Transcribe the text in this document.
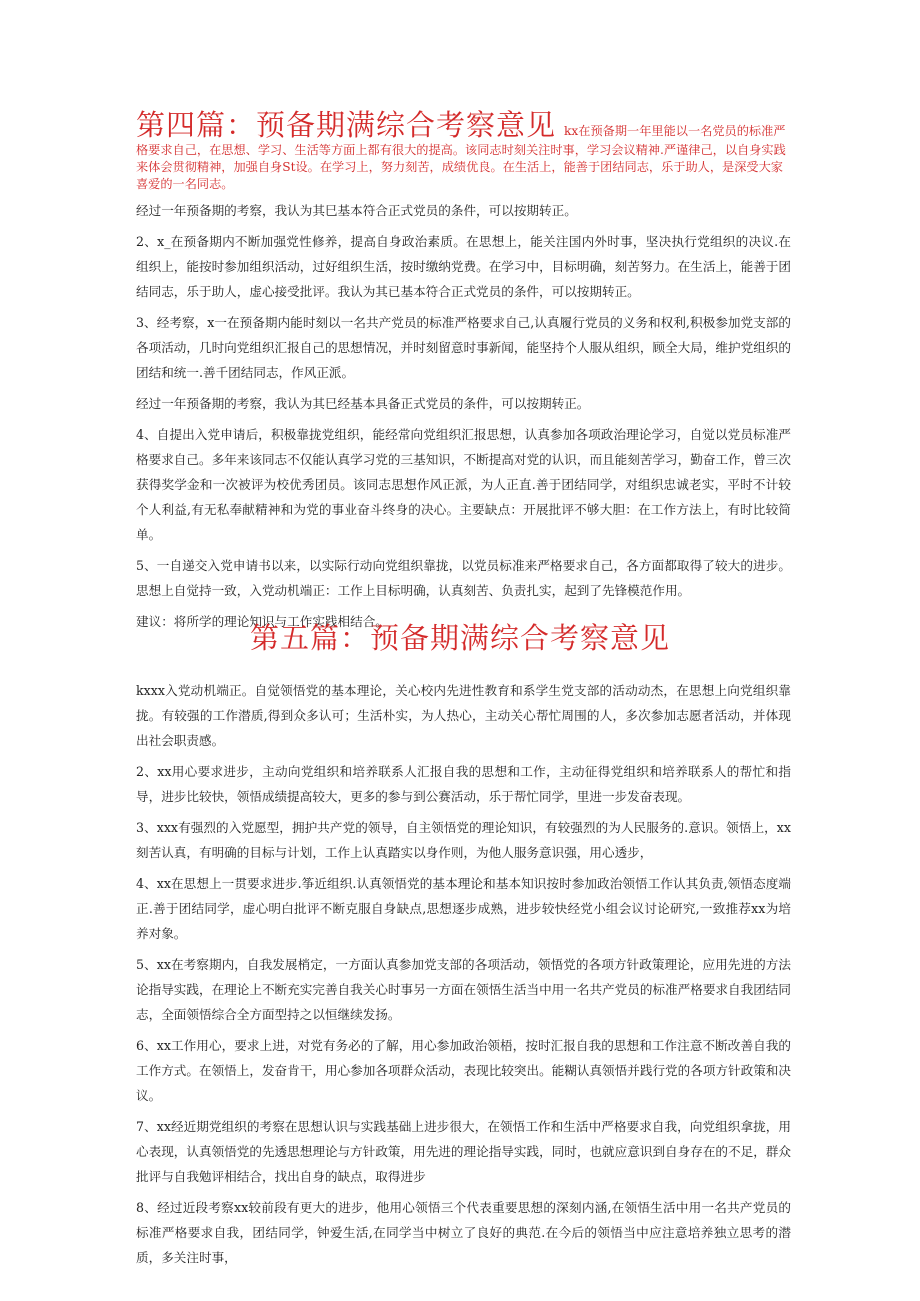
第四篇：预备期满综合考察意见 kx在预备期一年里能以一名党员的标准严格要求自己，在思想、学习、生活等方面上都有很大的提高。该同志时刻关注时事，学习会议精神.严谨律己，以自身实践来体会贯彻精神，加强自身St设。在学习上，努力刻苦，成绩优良。在生活上，能善于团结同志，乐于助人，是深受大家喜爱的一名同志。

经过一年预备期的考察，我认为其巳基本符合正式党员的条件，可以按期转正。

2、x_在预备期内不断加强党性修养，提高自身政治素质。在思想上，能关注国内外时事，坚决执行党组织的决议.在组织上，能按时参加组织活动，过好组织生活，按时缴纳党费。在学习中，目标明确，刻苦努力。在生活上，能善于团结同志，乐于助人，虚心接受批评。我认为其已基本符合正式党员的条件，可以按期转正。

3、经考察，x一在预备期内能时刻以一名共产党员的标准严格要求自己,认真履行党员的义务和权利,积极参加党支部的各项活动，几时向党组织汇报自己的思想情况，并时刻留意时事新闻，能坚持个人服从组织，顾全大局，维护党组织的团结和统一.善千团结同志，作风正派。

经过一年预备期的考察，我认为其巳经基本具备正式党员的条件，可以按期转正。

4、自提出入党申请后，积极靠拢党组织，能经常向党组织汇报思想，认真参加各项政治理论学习，自觉以党员标准严格要求自己。多年来该同志不仅能认真学习党的三基知识，不断提高对党的认识，而且能刻苦学习，勤奋工作，曾三次获得奖学金和一次被评为校优秀团员。该同志思想作风正派，为人正直.善于团结同学，对组织忠诚老实，平时不计较个人利益,有无私奉献精神和为党的事业奋斗终身的决心。主要缺点：开展批评不够大胆：在工作方法上，有时比较简单。

5、一自递交入党申请书以来，以实际行动向党组织靠拢，以党员标准来严格要求自己，各方面都取得了较大的进步。思想上自觉持一致，入党动机端正：工作上目标明确，认真刻苦、负责扎实，起到了先锋模范作用。

建议：将所学的理论知识与工作实践相结合。

第五篇：预备期满综合考察意见

kxxx入党动机端正。自觉领悟党的基本理论，关心校内先进性教育和系学生党支部的活动动杰，在思想上向党组织靠拢。有较强的工作潜质,得到众多认可；生活朴实，为人热心，主动关心帮忙周围的人，多次参加志愿者活动，并体现出社会职责感。

2、xx用心要求进步，主动向党组织和培养联系人汇报自我的思想和工作，主动征得党组织和培养联系人的帮忙和指导，进步比较快，领悟成绩提高较大，更多的参与到公赛活动，乐于帮忙同学，里进一步发奋表现。

3、xxx有强烈的入党愿型，拥护共产党的领导，自主领悟党的理论知识，有较强烈的为人民服务的.意识。领悟上，xx刻苦认真，有明确的目标与计划，工作上认真踏实以身作则，为他人服务意识强，用心透步，

4、xx在思想上一贯要求进步.筝近组织.认真领悟党的基本理论和基本知识按时参加政治领悟工作认其负责,领悟态度端正.善于团结同学，虚心明白批评不断克服自身缺点,思想逐步成熟，进步较快经党小组会议讨论研究,一致推荐xx为培养对象。

5、xx在考察期内，自我发展梢定，一方面认真参加党支部的各项活动，领悟党的各项方针政策理论，应用先进的方法论指导实践，在理论上不断充实完善自我关心时事另一方面在领悟生活当中用一名共产党员的标准严格要求自我团结同志，全面领悟综合全方面型持之以恒继续发扬。

6、xx工作用心，要求上进，对党有务必的了解，用心参加政治领梧，按时汇报自我的思想和工作注意不断改善自我的工作方式。在领悟上，发奋肯干，用心参加各项群众活动，表现比较突出。能糊认真领悟并践行党的各项方针政策和决议。

7、xx经近期党组织的考察在思想认识与实践基础上进步很大，在领悟工作和生活中严格要求自我，向党组织拿拢，用心表现，认真领悟党的先透思想理论与方针政策，用先进的理论指导实践，同时，也就应意识到自身存在的不足，群众批评与自我勉评相结合，找出自身的缺点，取得进步

8、经过近段考察xx较前段有更大的进步，他用心领悟三个代表重要思想的深刻内涵,在领悟生活中用一名共产党员的标准严格要求自我，团结同学，钟爱生活,在同学当中树立了良好的典范.在今后的领悟当中应注意培养独立思考的潜质，多关注时事，
